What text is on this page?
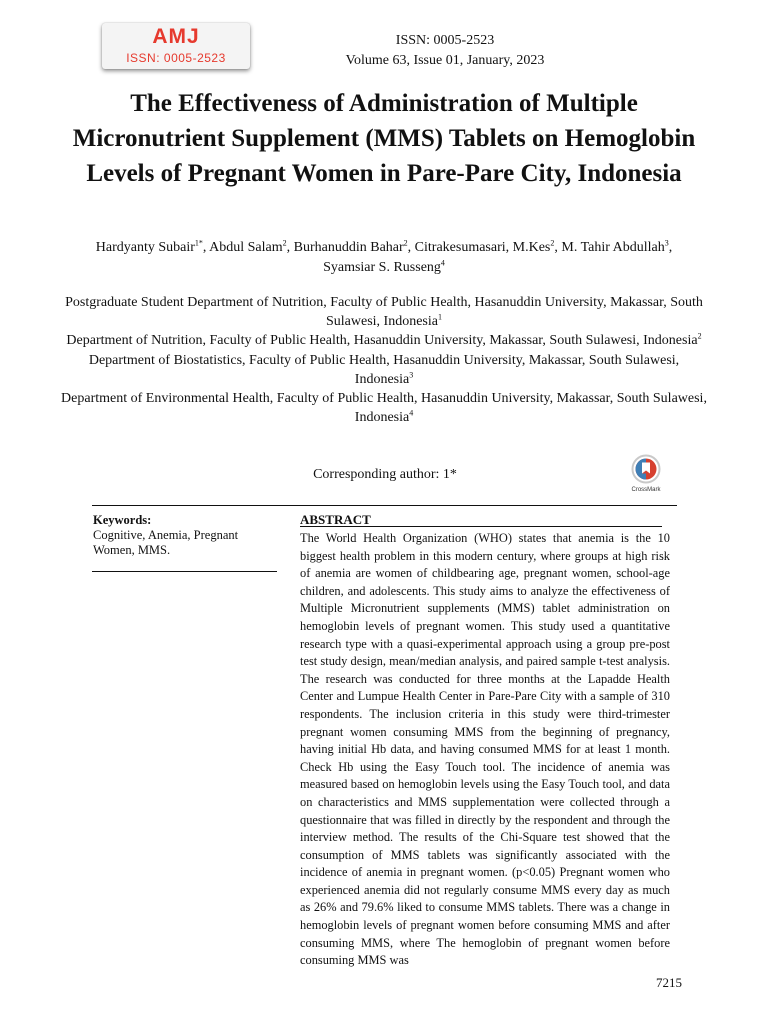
AMJ
ISSN: 0005-2523
ISSN: 0005-2523
Volume 63, Issue 01, January, 2023
The Effectiveness of Administration of Multiple Micronutrient Supplement (MMS) Tablets on Hemoglobin Levels of Pregnant Women in Pare-Pare City, Indonesia
Hardyanty Subair$^{1*}$, Abdul Salam$^2$, Burhanuddin Bahar$^2$, Citrakesumasari, M.Kes$^2$, M. Tahir Abdullah$^3$,
Syamsiar S. Russeng$^4$
Postgraduate Student Department of Nutrition, Faculty of Public Health, Hasanuddin University, Makassar, South Sulawesi, Indonesia$^1$
Department of Nutrition, Faculty of Public Health, Hasanuddin University, Makassar, South Sulawesi, Indonesia$^2$
Department of Biostatistics, Faculty of Public Health, Hasanuddin University, Makassar, South Sulawesi, Indonesia$^3$
Department of Environmental Health, Faculty of Public Health, Hasanuddin University, Makassar, South Sulawesi, Indonesia$^4$
Corresponding author: 1*
CrossMark
Keywords:
Cognitive, Anemia, Pregnant Women, MMS.
ABSTRACT

The World Health Organization (WHO) states that anemia is the 10 biggest health problem in this modern century, where groups at high risk of anemia are women of childbearing age, pregnant women, school-age children, and adolescents. This study aims to analyze the effectiveness of Multiple Micronutrient supplements (MMS) tablet administration on hemoglobin levels of pregnant women. This study used a quantitative research type with a quasi-experimental approach using a group pre-post test study design, mean/median analysis, and paired sample t-test analysis. The research was conducted for three months at the Lapadde Health Center and Lumpue Health Center in Pare-Pare City with a sample of 310 respondents. The inclusion criteria in this study were third-trimester pregnant women consuming MMS from the beginning of pregnancy, having initial Hb data, and having consumed MMS for at least 1 month. Check Hb using the Easy Touch tool. The incidence of anemia was measured based on hemoglobin levels using the Easy Touch tool, and data on characteristics and MMS supplementation were collected through a questionnaire that was filled in directly by the respondent and through the interview method. The results of the Chi-Square test showed that the consumption of MMS tablets was significantly associated with the incidence of anemia in pregnant women. (p<0.05) Pregnant women who experienced anemia did not regularly consume MMS every day as much as 26% and 79.6% liked to consume MMS tablets. There was a change in hemoglobin levels of pregnant women before consuming MMS and after consuming MMS, where The hemoglobin of pregnant women before consuming MMS was

7215
